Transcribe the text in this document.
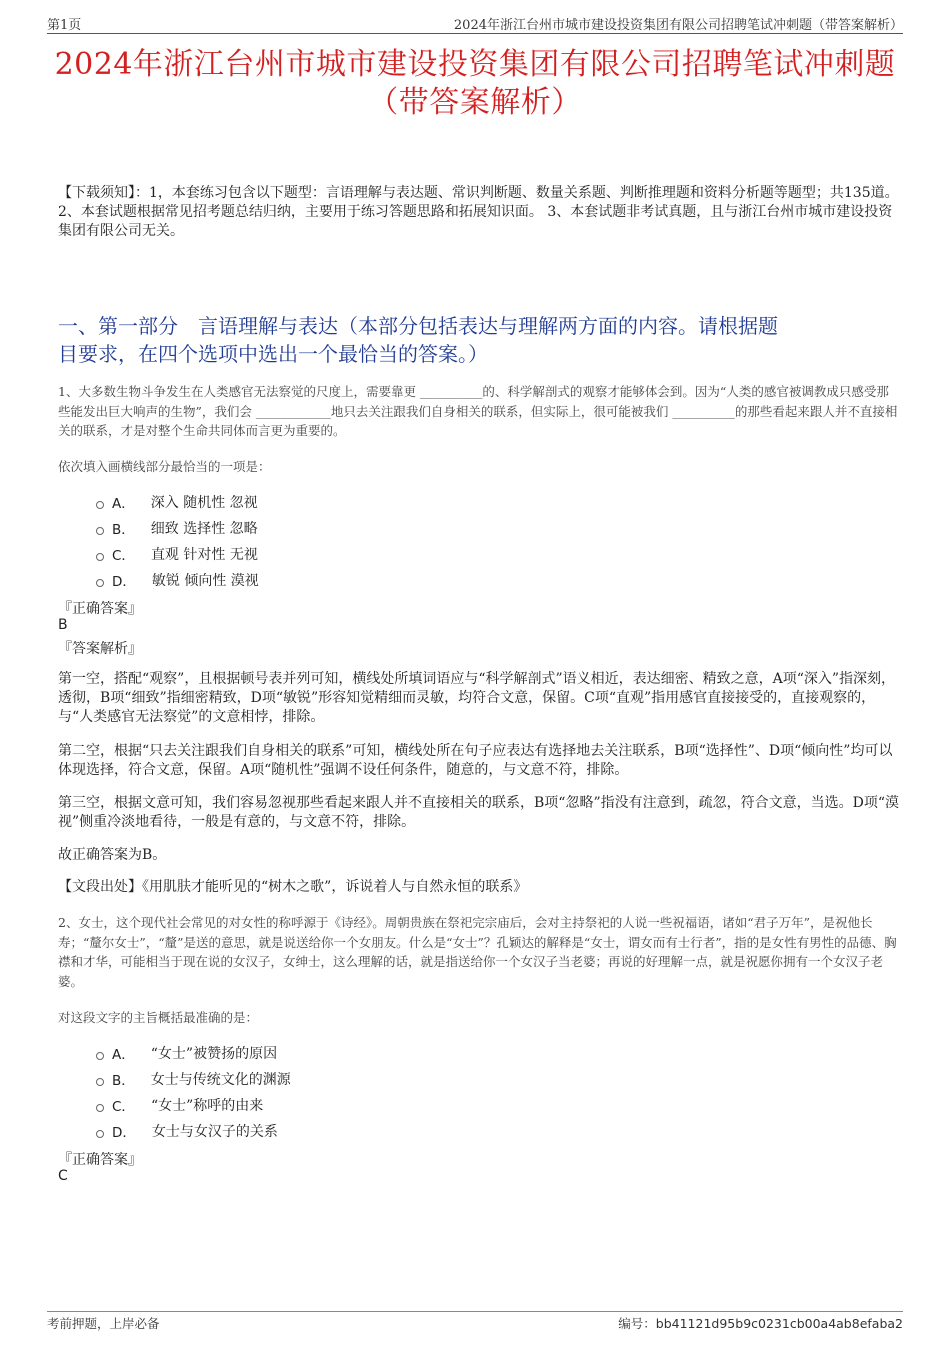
第1页	2024年浙江台州市城市建设投资集团有限公司招聘笔试冲刺题（带答案解析）
2024年浙江台州市城市建设投资集团有限公司招聘笔试冲刺题
（带答案解析）
【下载须知】：1，本套练习包含以下题型：言语理解与表达题、常识判断题、数量关系题、判断推理题和资料分析题等题型；共135道。 2、本套试题根据常见招考题总结归纳，主要用于练习答题思路和拓展知识面。 3、本套试题非考试真题，且与浙江台州市城市建设投资集团有限公司无关。
一、第一部分　言语理解与表达（本部分包括表达与理解两方面的内容。请根据题
目要求，在四个选项中选出一个最恰当的答案。）
1、大多数生物斗争发生在人类感官无法察觉的尺度上，需要靠更 __________的、科学解剖式的观察才能够体会到。因为“人类的感官被调教成只感受那些能发出巨大响声的生物”，我们会 ____________地只去关注跟我们自身相关的联系，但实际上，很可能被我们 __________的那些看起来跟人并不直接相关的联系，才是对整个生命共同体而言更为重要的。
依次填入画横线部分最恰当的一项是：
A． 深入 随机性 忽视
B． 细致 选择性 忽略
C． 直观 针对性 无视
D． 敏锐 倾向性 漠视
『正确答案』
B
『答案解析』
第一空，搭配“观察”，且根据顿号表并列可知，横线处所填词语应与“科学解剖式”语义相近，表达细密、精致之意，A项“深入”指深刻，透彻，B项“细致”指细密精致，D项“敏锐”形容知觉精细而灵敏，均符合文意，保留。C项“直观”指用感官直接接受的，直接观察的，与“人类感官无法察觉”的文意相悖，排除。
第二空，根据“只去关注跟我们自身相关的联系”可知，横线处所在句子应表达有选择地去关注联系，B项“选择性”、D项“倾向性”均可以体现选择，符合文意，保留。A项“随机性”强调不设任何条件，随意的，与文意不符，排除。
第三空，根据文意可知，我们容易忽视那些看起来跟人并不直接相关的联系，B项“忽略”指没有注意到，疏忽，符合文意，当选。D项“漠视”侧重冷淡地看待，一般是有意的，与文意不符，排除。
故正确答案为B。
【文段出处】《用肌肤才能听见的“树木之歌”，诉说着人与自然永恒的联系》
2、女士，这个现代社会常见的对女性的称呼源于《诗经》。周朝贵族在祭祀完宗庙后，会对主持祭祀的人说一些祝福语，诸如“君子万年”，是祝他长寿；“釐尔女士”，“釐”是送的意思，就是说送给你一个女朋友。什么是“女士”？孔颖达的解释是“女士，谓女而有士行者”，指的是女性有男性的品德、胸襟和才华，可能相当于现在说的女汉子，女绅士，这么理解的话，就是指送给你一个女汉子当老婆；再说的好理解一点，就是祝愿你拥有一个女汉子老婆。
对这段文字的主旨概括最准确的是：
A． “女士”被赞扬的原因
B． 女士与传统文化的渊源
C． “女士”称呼的由来
D． 女士与女汉子的关系
『正确答案』
C
考前押题，上岸必备	编号：bb41121d95b9c0231cb00a4ab8efaba2
